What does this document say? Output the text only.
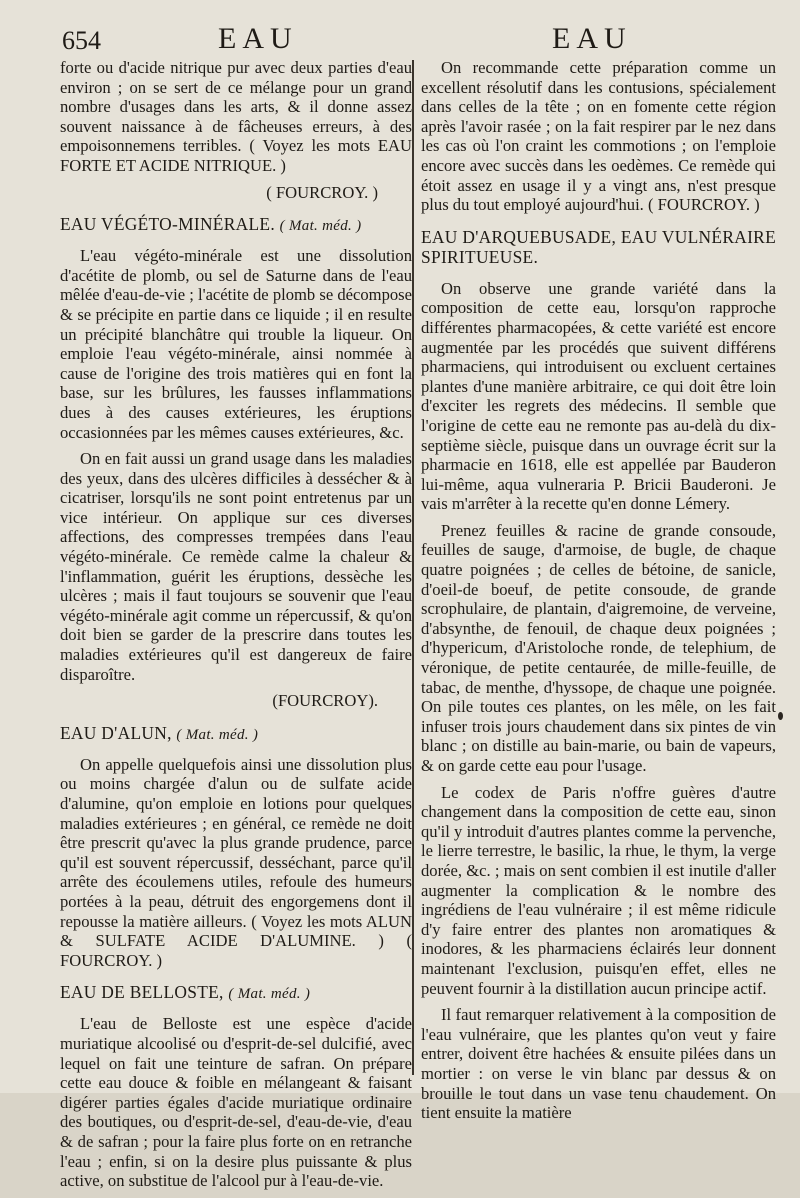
654	EAU	EAU

forte ou d'acide nitrique pur avec deux parties d'eau environ ; on se sert de ce mélange pour un grand nombre d'usages dans les arts, & il donne assez souvent naissance à de fâcheuses erreurs, à des empoisonnemens terribles. ( Voyez les mots EAU FORTE ET ACIDE NITRIQUE. )

( FOURCROY. )

EAU VÉGÉTO-MINÉRALE. ( Mat. méd. )

L'eau végéto-minérale est une dissolution d'acétite de plomb, ou sel de Saturne dans de l'eau mêlée d'eau-de-vie ; l'acétite de plomb se décompose & se précipite en partie dans ce liquide ; il en resulte un précipité blanchâtre qui trouble la liqueur. On emploie l'eau végéto-minérale, ainsi nommée à cause de l'origine des trois matières qui en font la base, sur les brûlures, les fausses inflammations dues à des causes extérieures, les éruptions occasionnées par les mêmes causes extérieures, &c.

On en fait aussi un grand usage dans les maladies des yeux, dans des ulcères difficiles à dessécher & à cicatriser, lorsqu'ils ne sont point entretenus par un vice intérieur. On applique sur ces diverses affections, des compresses trempées dans l'eau végéto-minérale. Ce remède calme la chaleur & l'inflammation, guérit les éruptions, dessèche les ulcères ; mais il faut toujours se souvenir que l'eau végéto-minérale agit comme un répercussif, & qu'on doit bien se garder de la prescrire dans toutes les maladies extérieures qu'il est dangereux de faire disparoître.

(FOURCROY).

EAU D'ALUN, ( Mat. méd. )

On appelle quelquefois ainsi une dissolution plus ou moins chargée d'alun ou de sulfate acide d'alumine, qu'on emploie en lotions pour quelques maladies extérieures ; en général, ce remède ne doit être prescrit qu'avec la plus grande prudence, parce qu'il est souvent répercussif, desséchant, parce qu'il arrête des écoulemens utiles, refoule des humeurs portées à la peau, détruit des engorgemens dont il repousse la matière ailleurs. ( Voyez les mots ALUN & SULFATE ACIDE D'ALUMINE. ) ( FOURCROY. )

EAU DE BELLOSTE, ( Mat. méd. )

L'eau de Belloste est une espèce d'acide muriatique alcoolisé ou d'esprit-de-sel dulcifié, avec lequel on fait une teinture de safran. On prépare cette eau douce & foible en mélangeant & faisant digérer parties égales d'acide muriatique ordinaire des boutiques, ou d'esprit-de-sel, d'eau-de-vie, d'eau & de safran ; pour la faire plus forte on en retranche l'eau ; enfin, si on la desire plus puissante & plus active, on substitue de l'alcool pur à l'eau-de-vie.

On recommande cette préparation comme un excellent résolutif dans les contusions, spécialement dans celles de la tête ; on en fomente cette région après l'avoir rasée ; on la fait respirer par le nez dans les cas où l'on craint les commotions ; on l'emploie encore avec succès dans les oedèmes. Ce remède qui étoit assez en usage il y a vingt ans, n'est presque plus du tout employé aujourd'hui. ( FOURCROY. )

EAU D'ARQUEBUSADE, EAU VULNÉRAIRE SPIRITUEUSE.

On observe une grande variété dans la composition de cette eau, lorsqu'on rapproche différentes pharmacopées, & cette variété est encore augmentée par les procédés que suivent différens pharmaciens, qui introduisent ou excluent certaines plantes d'une manière arbitraire, ce qui doit être loin d'exciter les regrets des médecins. Il semble que l'origine de cette eau ne remonte pas au-delà du dix-septième siècle, puisque dans un ouvrage écrit sur la pharmacie en 1618, elle est appellée par Bauderon lui-même, aqua vulneraria P. Bricii Bauderoni. Je vais m'arrêter à la recette qu'en donne Lémery.

Prenez feuilles & racine de grande consoude, feuilles de sauge, d'armoise, de bugle, de chaque quatre poignées ; de celles de bétoine, de sanicle, d'oeil-de boeuf, de petite consoude, de grande scrophulaire, de plantain, d'aigremoine, de verveine, d'absynthe, de fenouil, de chaque deux poignées ; d'hypericum, d'Aristoloche ronde, de telephium, de véronique, de petite centaurée, de mille-feuille, de tabac, de menthe, d'hyssope, de chaque une poignée. On pile toutes ces plantes, on les mêle, on les fait infuser trois jours chaudement dans six pintes de vin blanc ; on distille au bain-marie, ou bain de vapeurs, & on garde cette eau pour l'usage.

Le codex de Paris n'offre guères d'autre changement dans la composition de cette eau, sinon qu'il y introduit d'autres plantes comme la pervenche, le lierre terrestre, le basilic, la rhue, le thym, la verge dorée, &c. ; mais on sent combien il est inutile d'aller augmenter la complication & le nombre des ingrédiens de l'eau vulnéraire ; il est même ridicule d'y faire entrer des plantes non aromatiques & inodores, & les pharmaciens éclairés leur donnent maintenant l'exclusion, puisqu'en effet, elles ne peuvent fournir à la distillation aucun principe actif.

Il faut remarquer relativement à la composition de l'eau vulnéraire, que les plantes qu'on veut y faire entrer, doivent être hachées & ensuite pilées dans un mortier : on verse le vin blanc par dessus & on brouille le tout dans un vase tenu chaudement. On tient ensuite la matière
